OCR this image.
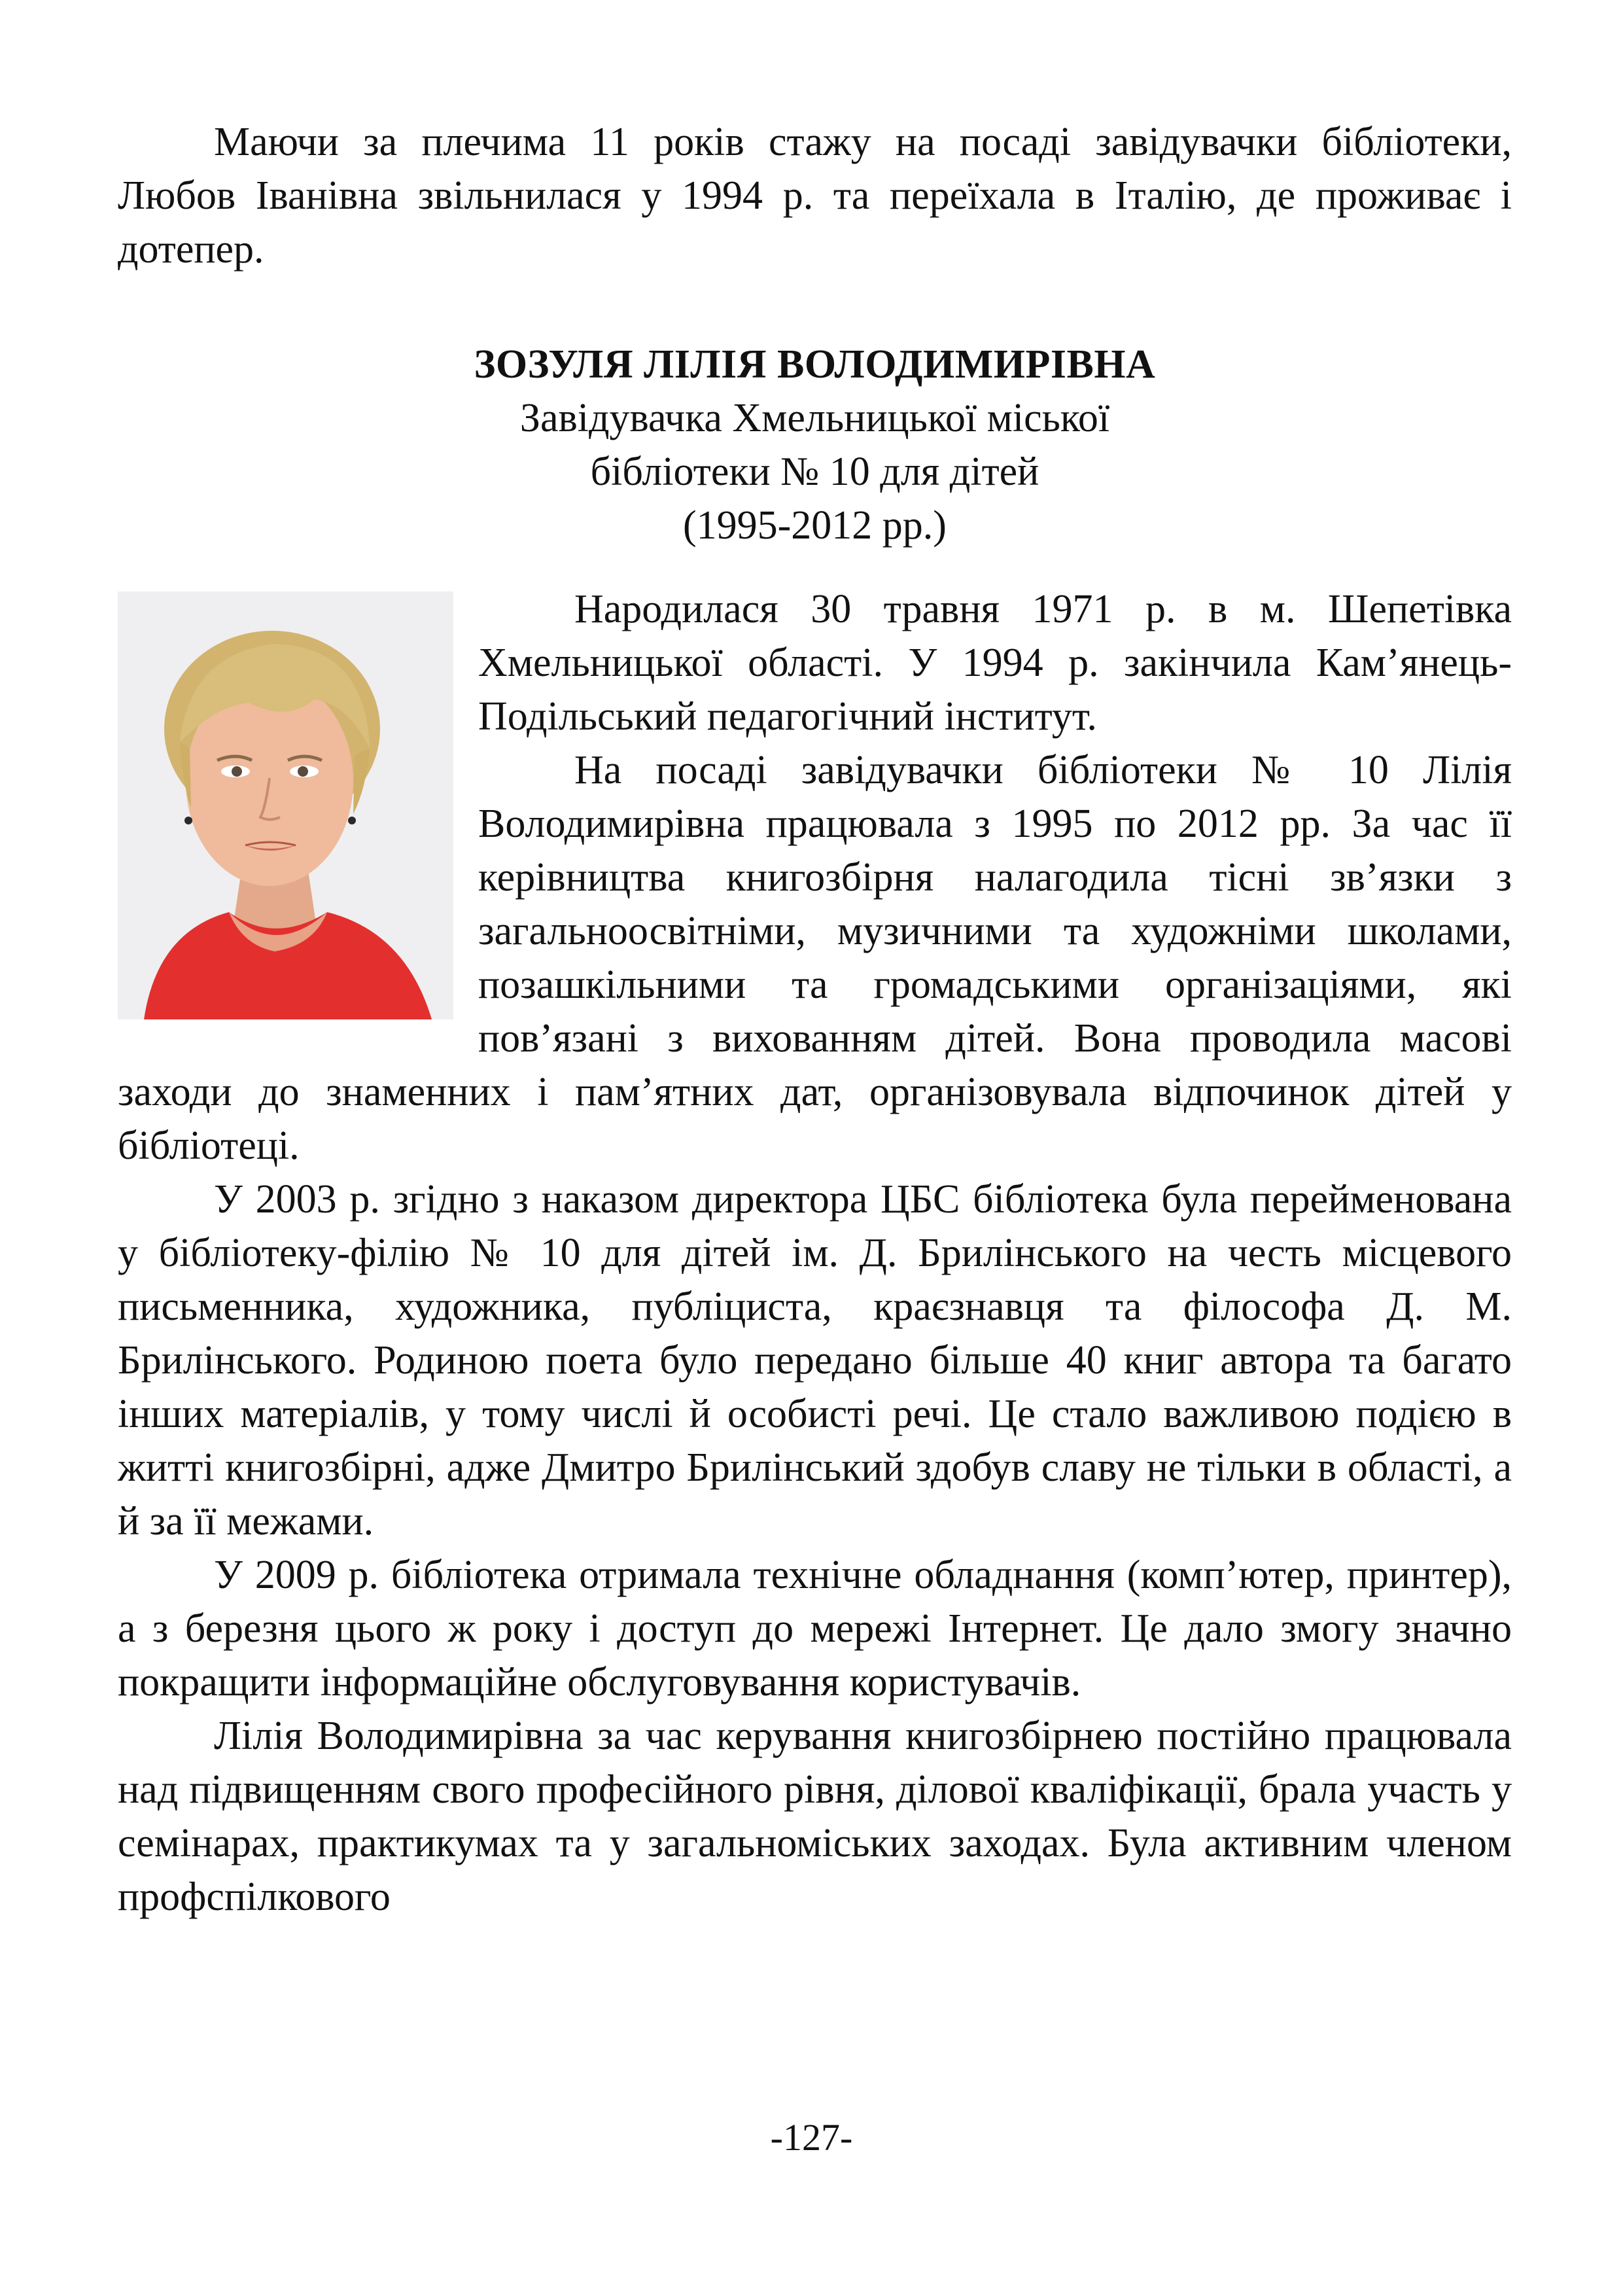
Маючи за плечима 11 років стажу на посаді завідувачки бібліотеки, Любов Іванівна звільнилася у 1994 р. та переїхала в Італію, де проживає і дотепер.

ЗОЗУЛЯ ЛІЛІЯ ВОЛОДИМИРІВНА
Завідувачка Хмельницької міської
бібліотеки № 10 для дітей
(1995-2012 рр.)

Народилася 30 травня 1971 р. в м. Шепетівка Хмельницької області. У 1994 р. закінчила Кам’янець-Подільський педагогічний інститут.

На посаді завідувачки бібліотеки № 10 Лілія Володимирівна працювала з 1995 по 2012 рр. За час її керівництва книгозбірня налагодила тісні зв’язки з загальноосвітніми, музичними та художніми школами, позашкільними та громадськими організаціями, які пов’язані з вихованням дітей. Вона проводила масові заходи до знаменних і пам’ятних дат, організовувала відпочинок дітей у бібліотеці.

У 2003 р. згідно з наказом директора ЦБС бібліотека була перейменована у бібліотеку-філію № 10 для дітей ім. Д. Брилінського на честь місцевого письменника, художника, публіциста, краєзнавця та філософа Д. М. Брилінського. Родиною поета було передано більше 40 книг автора та багато інших матеріалів, у тому числі й особисті речі. Це стало важливою подією в житті книгозбірні, адже Дмитро Брилінський здобув славу не тільки в області, а й за її межами.

У 2009 р. бібліотека отримала технічне обладнання (комп’ютер, принтер), а з березня цього ж року і доступ до мережі Інтернет. Це дало змогу значно покращити інформаційне обслуговування користувачів.

Лілія Володимирівна за час керування книгозбірнею постійно працювала над підвищенням свого професійного рівня, ділової кваліфікації, брала участь у семінарах, практикумах та у загальноміських заходах. Була активним членом профспілкового

-127-
